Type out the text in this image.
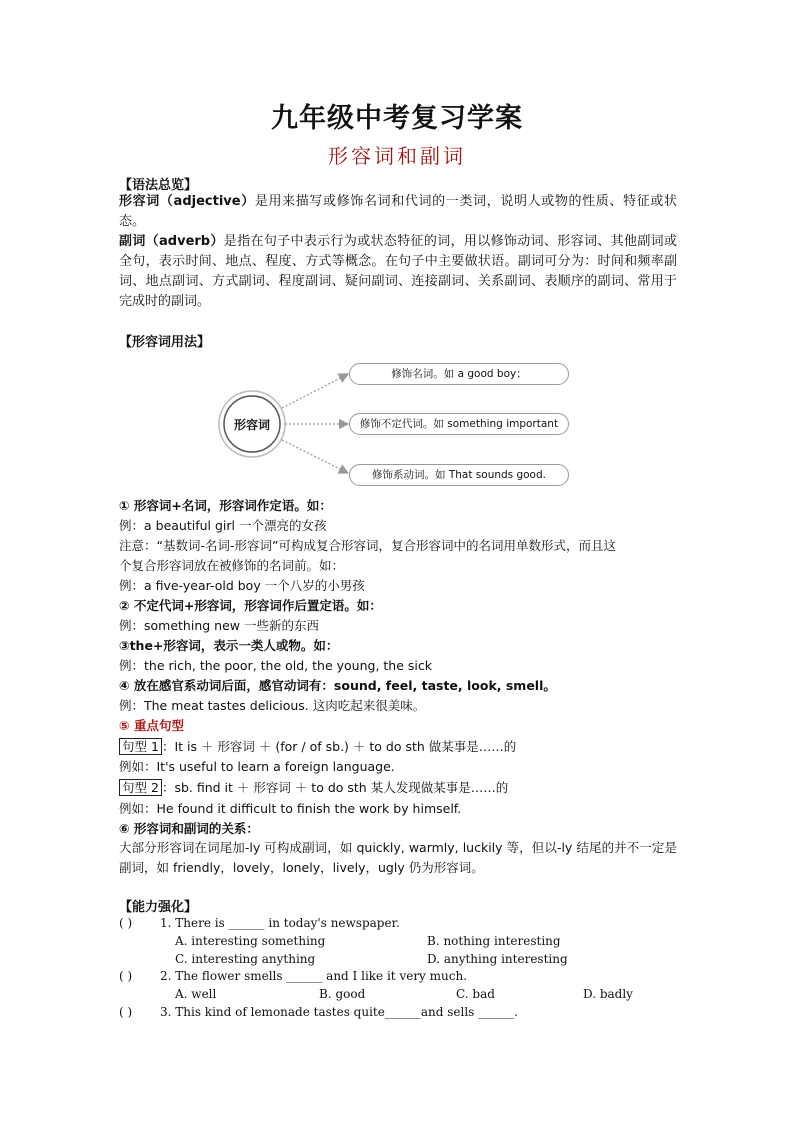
九年级中考复习学案
形容词和副词
【语法总览】
形容词（adjective）是用来描写或修饰名词和代词的一类词，说明人或物的性质、特征或状态。
副词（adverb）是指在句子中表示行为或状态特征的词，用以修饰动词、形容词、其他副词或全句，表示时间、地点、程度、方式等概念。在句子中主要做状语。副词可分为：时间和频率副词、地点副词、方式副词、程度副词、疑问副词、连接副词、关系副词、表顺序的副词、常用于完成时的副词。
【形容词用法】
形容词
修饰名词。如 a good boy；
修饰不定代词。如 something important
修饰系动词。如 That sounds good.
① 形容词+名词，形容词作定语。如：
例：a beautiful girl 一个漂亮的女孩
注意：“基数词-名词-形容词”可构成复合形容词，复合形容词中的名词用单数形式，而且这
个复合形容词放在被修饰的名词前。如：
例：a five-year-old boy 一个八岁的小男孩
② 不定代词+形容词，形容词作后置定语。如：
例：something new 一些新的东西
③the+形容词，表示一类人或物。如：
例：the rich, the poor, the old, the young, the sick
④ 放在感官系动词后面，感官动词有：sound, feel, taste, look, smell。
例：The meat tastes delicious. 这肉吃起来很美味。
⑤ 重点句型
句型 1 ：It is ＋ 形容词 ＋ (for / of sb.) ＋ to do sth 做某事是……的
例如：It's useful to learn a foreign language.
句型 2 ：sb. find it ＋ 形容词 ＋ to do sth 某人发现做某事是……的
例如：He found it difficult to finish the work by himself.
⑥ 形容词和副词的关系：
大部分形容词在词尾加-ly 可构成副词，如 quickly, warmly, luckily 等，但以-ly 结尾的并不一定是副词，如 friendly，lovely，lonely，lively，ugly 仍为形容词。
【能力强化】
( ) 1. There is ______ in today's newspaper.
A. interesting something	B. nothing interesting
C. interesting anything	D. anything interesting
( ) 2. The flower smells ______ and I like it very much.
A. well	B. good	C. bad	D. badly
( ) 3. This kind of lemonade tastes quite______and sells ______.
